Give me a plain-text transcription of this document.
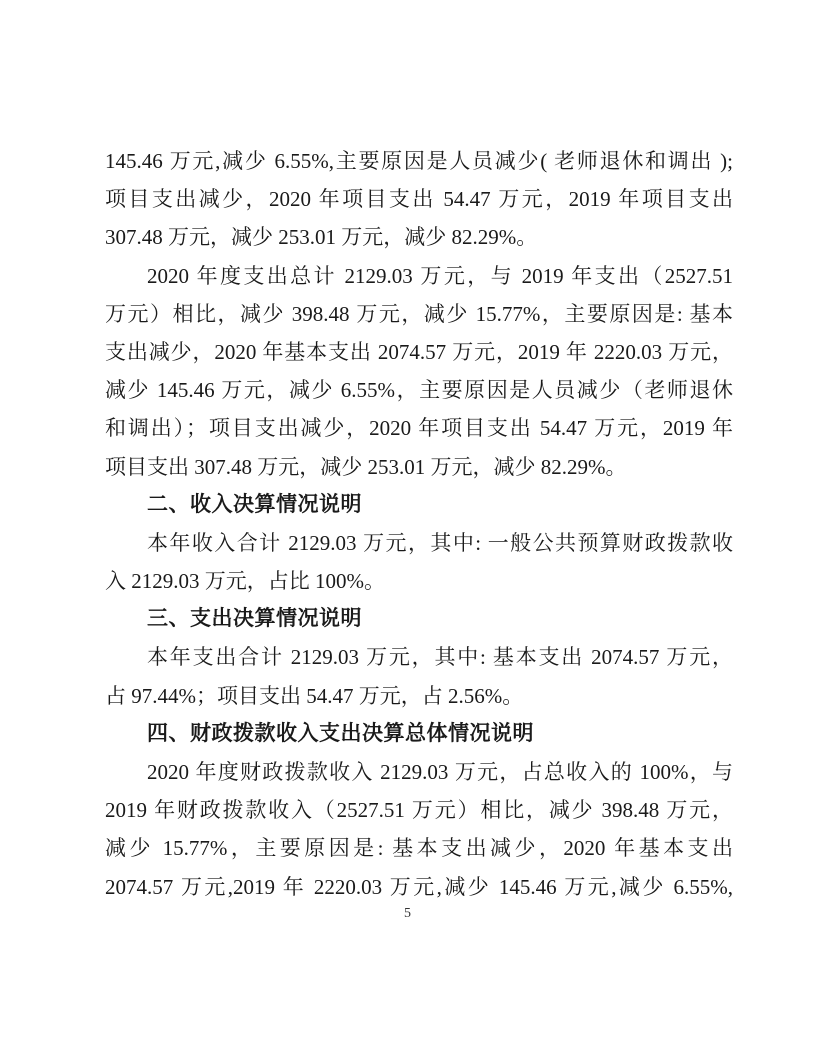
145.46 万元,减少 6.55%,主要原因是人员减少( 老师退休和调出 );
项目支出减少，2020 年项目支出 54.47 万元，2019 年项目支出
307.48 万元，减少 253.01 万元，减少 82.29%。
2020 年度支出总计 2129.03 万元，与 2019 年支出（2527.51
万元）相比，减少 398.48 万元，减少 15.77%，主要原因是: 基本
支出减少，2020 年基本支出 2074.57 万元，2019 年 2220.03 万元，
减少 145.46 万元，减少 6.55%，主要原因是人员减少（老师退休
和调出）；项目支出减少，2020 年项目支出 54.47 万元，2019 年
项目支出 307.48 万元，减少 253.01 万元，减少 82.29%。
二、收入决算情况说明
本年收入合计 2129.03 万元，其中: 一般公共预算财政拨款收
入 2129.03 万元，占比 100%。
三、支出决算情况说明
本年支出合计 2129.03 万元，其中: 基本支出 2074.57 万元，
占 97.44%；项目支出 54.47 万元，占 2.56%。
四、财政拨款收入支出决算总体情况说明
2020 年度财政拨款收入 2129.03 万元，占总收入的 100%，与
2019 年财政拨款收入（2527.51 万元）相比，减少 398.48 万元，
减少 15.77%，主要原因是: 基本支出减少，2020 年基本支出
2074.57 万元,2019 年 2220.03 万元,减少 145.46 万元,减少 6.55%,
5
